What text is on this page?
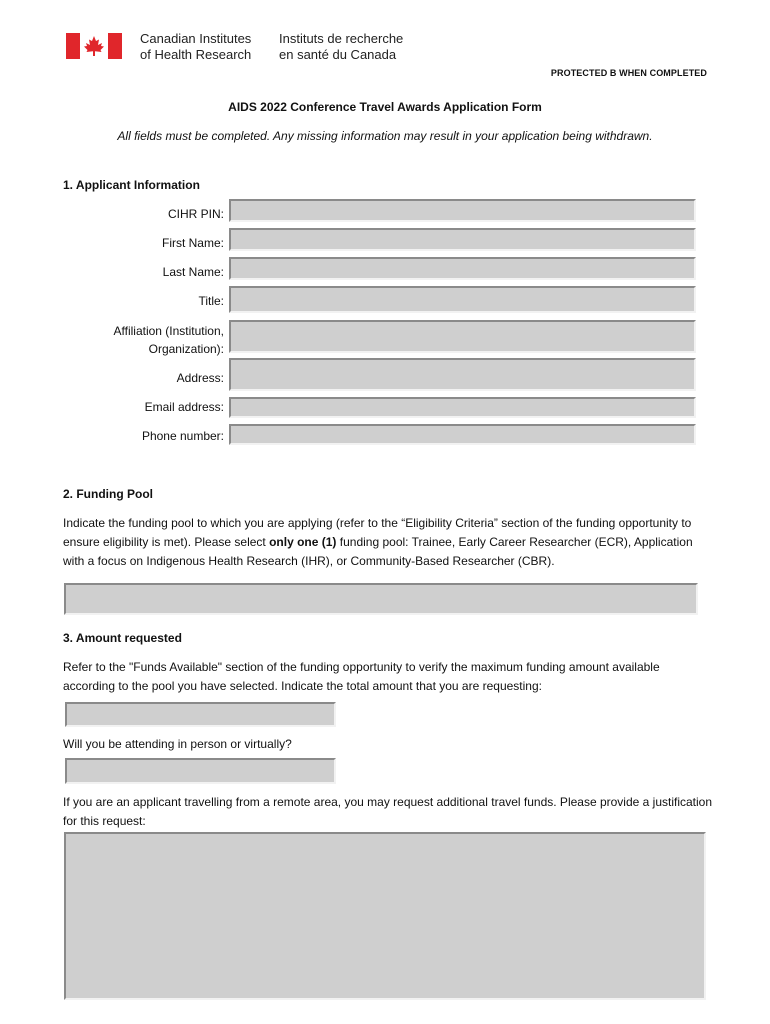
Canadian Institutes
of Health Research
Instituts de recherche
en santé du Canada
PROTECTED B WHEN COMPLETED
AIDS 2022 Conference Travel Awards Application Form
All fields must be completed. Any missing information may result in your application being withdrawn.
1. Applicant Information
CIHR PIN:
First Name:
Last Name:
Title:
Affiliation (Institution,
Organization):
Address:
Email address:
Phone number:
2. Funding Pool
Indicate the funding pool to which you are applying (refer to the “Eligibility Criteria” section of the funding opportunity to ensure eligibility is met). Please select only one (1) funding pool: Trainee, Early Career Researcher (ECR), Application with a focus on Indigenous Health Research (IHR), or Community-Based Researcher (CBR).
3. Amount requested
Refer to the "Funds Available" section of the funding opportunity to verify the maximum funding amount available according to the pool you have selected. Indicate the total amount that you are requesting:
Will you be attending in person or virtually?
If you are an applicant travelling from a remote area, you may request additional travel funds. Please provide a justification for this request:
